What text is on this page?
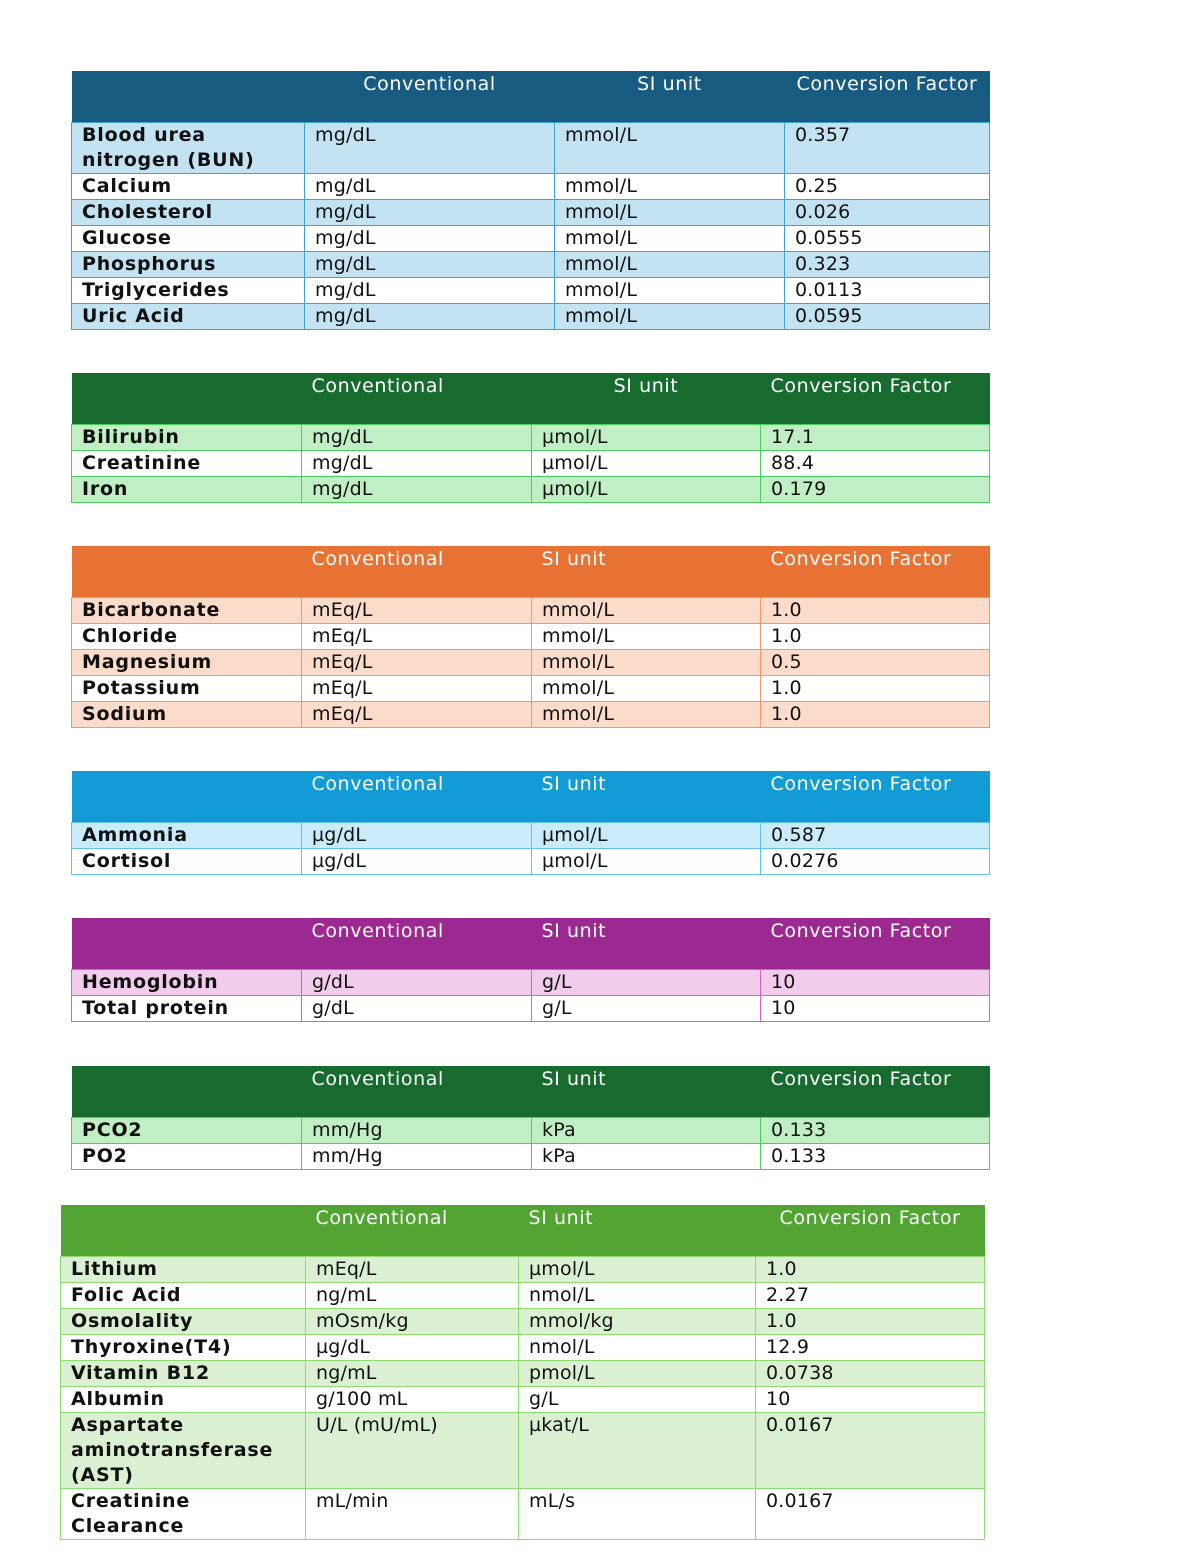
	Conventional	SI unit	Conversion Factor
Blood urea nitrogen (BUN)	mg/dL	mmol/L	0.357
Calcium	mg/dL	mmol/L	0.25
Cholesterol	mg/dL	mmol/L	0.026
Glucose	mg/dL	mmol/L	0.0555
Phosphorus	mg/dL	mmol/L	0.323
Triglycerides	mg/dL	mmol/L	0.0113
Uric Acid	mg/dL	mmol/L	0.0595
	Conventional	SI unit	Conversion Factor
Bilirubin	mg/dL	µmol/L	17.1
Creatinine	mg/dL	µmol/L	88.4
Iron	mg/dL	µmol/L	0.179
	Conventional	SI unit	Conversion Factor
Bicarbonate	mEq/L	mmol/L	1.0
Chloride	mEq/L	mmol/L	1.0
Magnesium	mEq/L	mmol/L	0.5
Potassium	mEq/L	mmol/L	1.0
Sodium	mEq/L	mmol/L	1.0
	Conventional	SI unit	Conversion Factor
Ammonia	µg/dL	µmol/L	0.587
Cortisol	µg/dL	µmol/L	0.0276
	Conventional	SI unit	Conversion Factor
Hemoglobin	g/dL	g/L	10
Total protein	g/dL	g/L	10
	Conventional	SI unit	Conversion Factor
PCO2	mm/Hg	kPa	0.133
PO2	mm/Hg	kPa	0.133
	Conventional	SI unit	Conversion Factor
Lithium	mEq/L	µmol/L	1.0
Folic Acid	ng/mL	nmol/L	2.27
Osmolality	mOsm/kg	mmol/kg	1.0
Thyroxine(T4)	µg/dL	nmol/L	12.9
Vitamin B12	ng/mL	pmol/L	0.0738
Albumin	g/100 mL	g/L	10
Aspartate aminotransferase (AST)	U/L (mU/mL)	µkat/L	0.0167
Creatinine Clearance	mL/min	mL/s	0.0167
